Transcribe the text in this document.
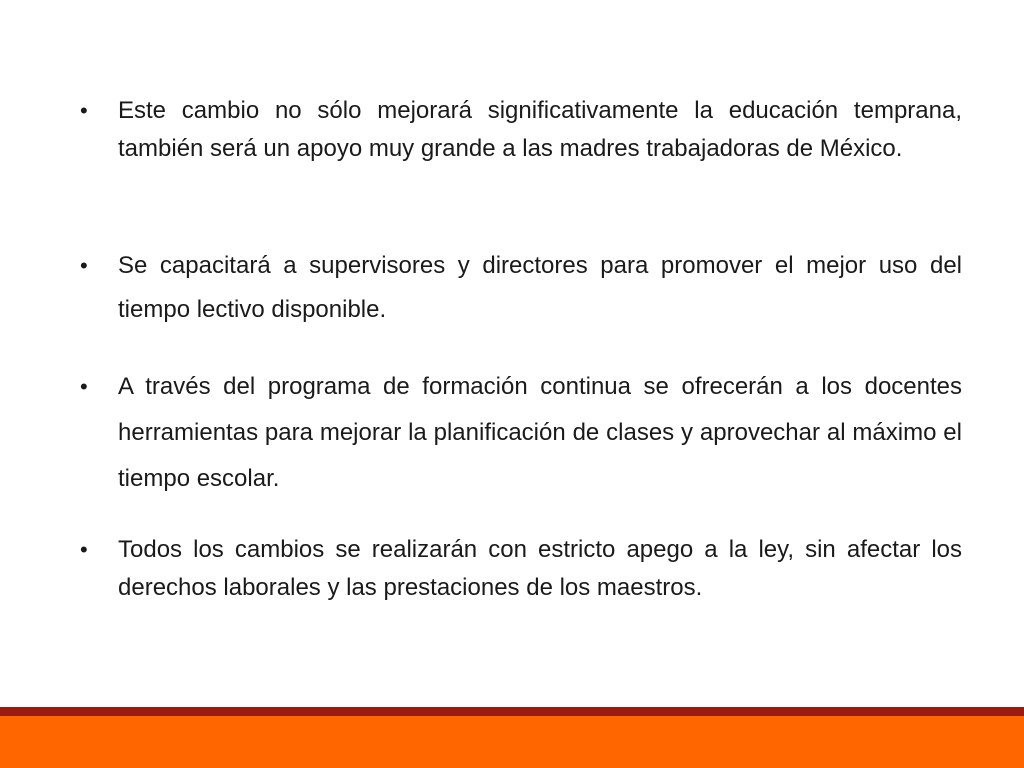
•	Este cambio no sólo mejorará significativamente la educación temprana, también será un apoyo muy grande a las madres trabajadoras de México.
•	Se capacitará a supervisores y directores para promover el mejor uso del tiempo lectivo disponible.
•	A través del programa de formación continua se ofrecerán a los docentes herramientas para mejorar la planificación de clases y aprovechar al máximo el tiempo escolar.
•	Todos los cambios se realizarán con estricto apego a la ley, sin afectar los derechos laborales y las prestaciones de los maestros.
